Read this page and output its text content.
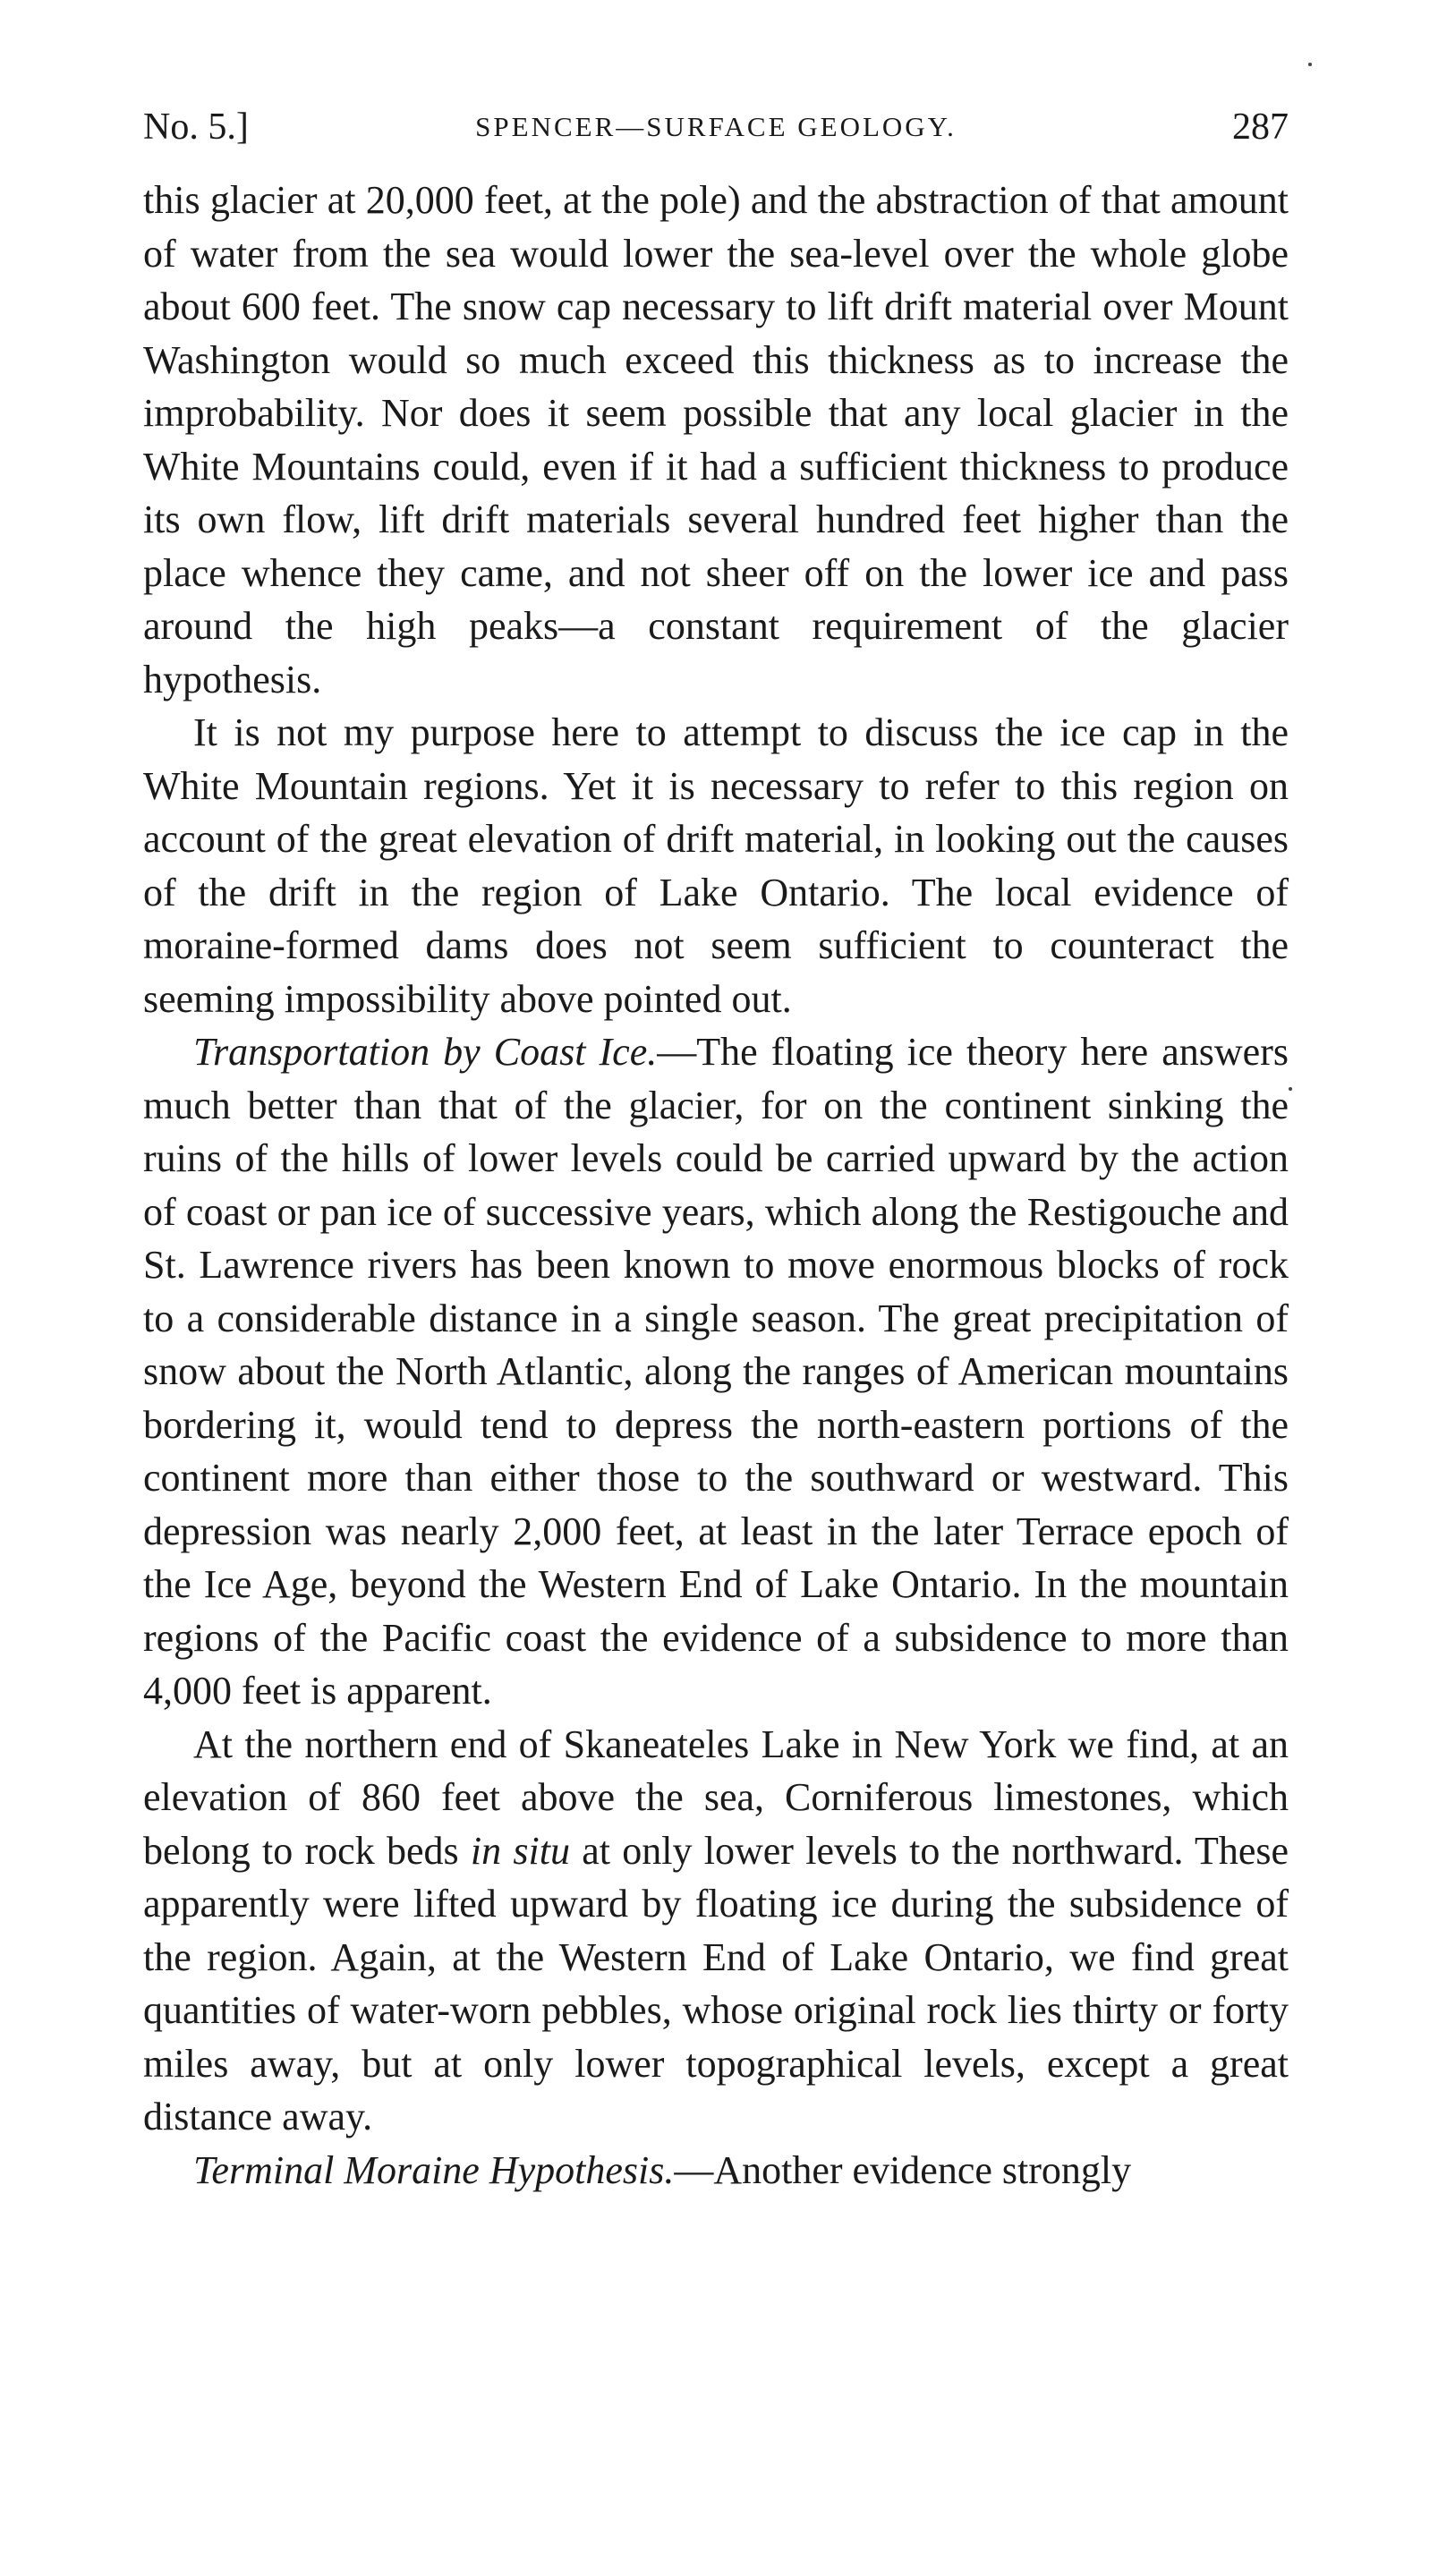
No. 5.]	SPENCER—SURFACE GEOLOGY.	287

this glacier at 20,000 feet, at the pole) and the abstraction of that amount of water from the sea would lower the sea-level over the whole globe about 600 feet. The snow cap necessary to lift drift material over Mount Washington would so much exceed this thickness as to increase the improbability. Nor does it seem possible that any local glacier in the White Mountains could, even if it had a sufficient thickness to produce its own flow, lift drift materials several hundred feet higher than the place whence they came, and not sheer off on the lower ice and pass around the high peaks—a constant requirement of the glacier hypothesis.

It is not my purpose here to attempt to discuss the ice cap in the White Mountain regions. Yet it is necessary to refer to this region on account of the great elevation of drift material, in looking out the causes of the drift in the region of Lake Ontario. The local evidence of moraine-formed dams does not seem sufficient to counteract the seeming impossibility above pointed out.

Transportation by Coast Ice.—The floating ice theory here answers much better than that of the glacier, for on the continent sinking the ruins of the hills of lower levels could be carried upward by the action of coast or pan ice of successive years, which along the Restigouche and St. Lawrence rivers has been known to move enormous blocks of rock to a considerable distance in a single season. The great precipitation of snow about the North Atlantic, along the ranges of American mountains bordering it, would tend to depress the north-eastern portions of the continent more than either those to the southward or westward. This depression was nearly 2,000 feet, at least in the later Terrace epoch of the Ice Age, beyond the Western End of Lake Ontario. In the mountain regions of the Pacific coast the evidence of a subsidence to more than 4,000 feet is apparent.

At the northern end of Skaneateles Lake in New York we find, at an elevation of 860 feet above the sea, Corniferous limestones, which belong to rock beds in situ at only lower levels to the northward. These apparently were lifted upward by floating ice during the subsidence of the region. Again, at the Western End of Lake Ontario, we find great quantities of water-worn pebbles, whose original rock lies thirty or forty miles away, but at only lower topographical levels, except a great distance away.

Terminal Moraine Hypothesis.—Another evidence strongly
